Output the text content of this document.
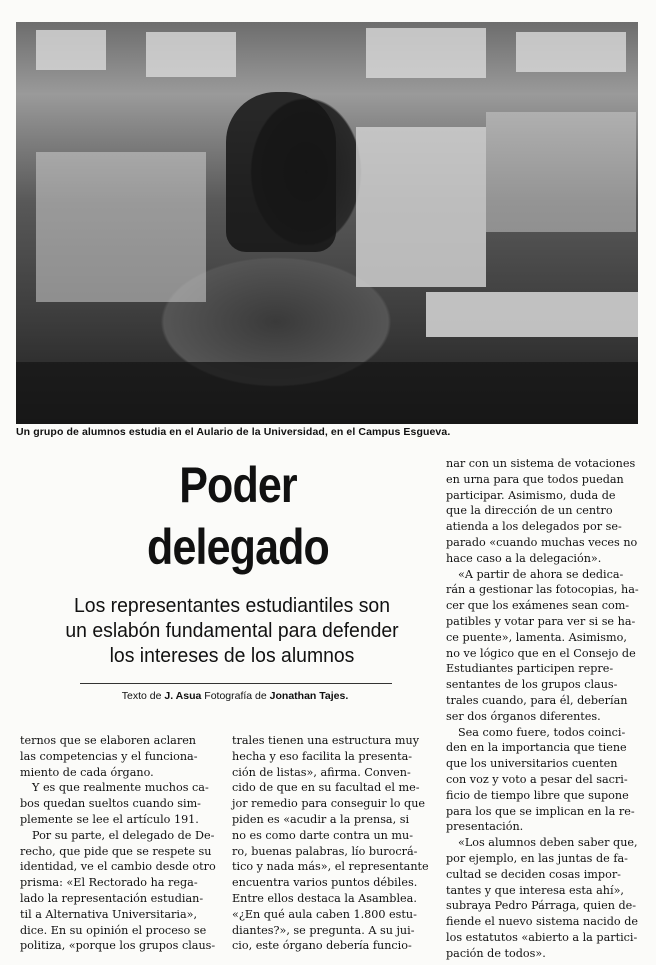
Un grupo de alumnos estudia en el Aulario de la Universidad, en el Campus Esgueva.
Poder
delegado
Los representantes estudiantiles son
un eslabón fundamental para defender
los intereses de los alumnos
Texto de J. Asua Fotografía de Jonathan Tajes.
ternos que se elaboren aclaren
las competencias y el funciona-
miento de cada órgano.
Y es que realmente muchos ca-
bos quedan sueltos cuando sim-
plemente se lee el artículo 191.
Por su parte, el delegado de De-
recho, que pide que se respete su
identidad, ve el cambio desde otro
prisma: «El Rectorado ha rega-
lado la representación estudian-
til a Alternativa Universitaria»,
dice. En su opinión el proceso se
politiza, «porque los grupos claus-
trales tienen una estructura muy
hecha y eso facilita la presenta-
ción de listas», afirma. Conven-
cido de que en su facultad el me-
jor remedio para conseguir lo que
piden es «acudir a la prensa, si
no es como darte contra un mu-
ro, buenas palabras, lío burocrá-
tico y nada más», el representante
encuentra varios puntos débiles.
Entre ellos destaca la Asamblea.
«¿En qué aula caben 1.800 estu-
diantes?», se pregunta. A su jui-
cio, este órgano debería funcio-
nar con un sistema de votaciones
en urna para que todos puedan
participar. Asimismo, duda de
que la dirección de un centro
atienda a los delegados por se-
parado «cuando muchas veces no
hace caso a la delegación».
«A partir de ahora se dedica-
rán a gestionar las fotocopias, ha-
cer que los exámenes sean com-
patibles y votar para ver si se ha-
ce puente», lamenta. Asimismo,
no ve lógico que en el Consejo de
Estudiantes participen repre-
sentantes de los grupos claus-
trales cuando, para él, deberían
ser dos órganos diferentes.
Sea como fuere, todos coinci-
den en la importancia que tiene
que los universitarios cuenten
con voz y voto a pesar del sacri-
ficio de tiempo libre que supone
para los que se implican en la re-
presentación.
«Los alumnos deben saber que,
por ejemplo, en las juntas de fa-
cultad se deciden cosas impor-
tantes y que interesa esta ahí»,
subraya Pedro Párraga, quien de-
fiende el nuevo sistema nacido de
los estatutos «abierto a la partici-
pación de todos».
